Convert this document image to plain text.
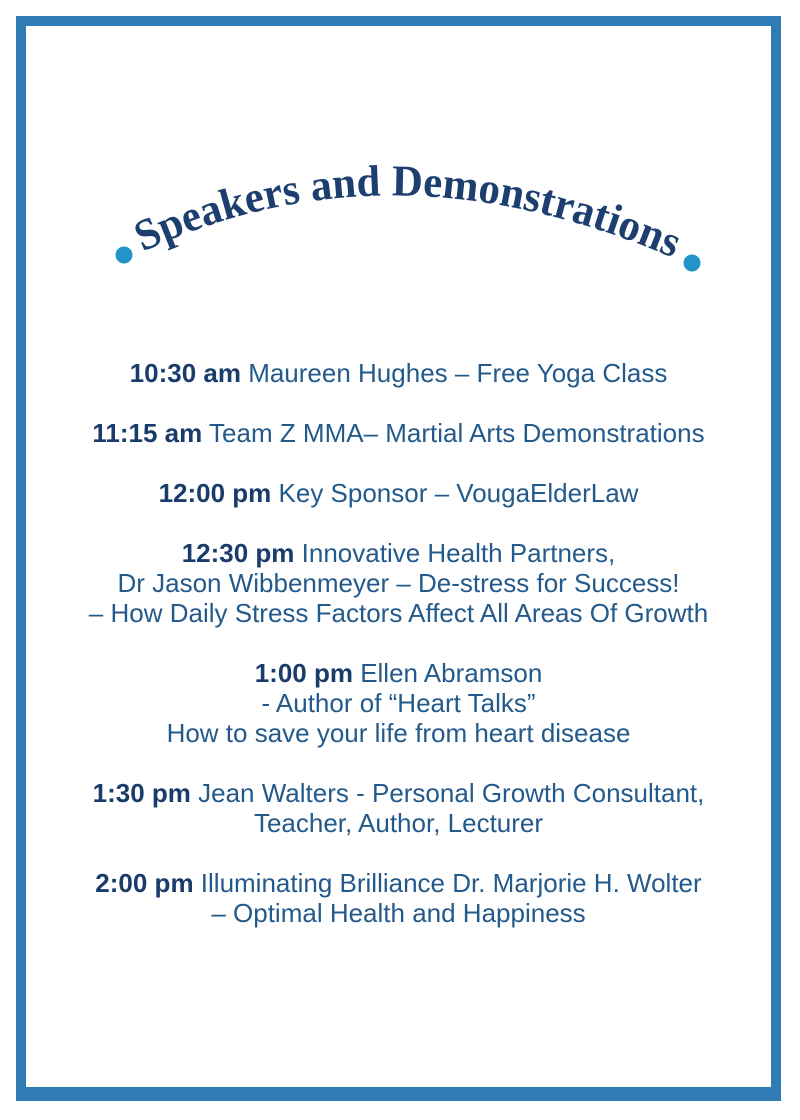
Speakers and Demonstrations

10:30 am Maureen Hughes – Free Yoga Class

11:15 am Team Z MMA– Martial Arts Demonstrations

12:00 pm Key Sponsor – VougaElderLaw

12:30 pm Innovative Health Partners,
Dr Jason Wibbenmeyer – De-stress for Success!
– How Daily Stress Factors Affect All Areas Of Growth

1:00 pm Ellen Abramson
- Author of “Heart Talks”
How to save your life from heart disease

1:30 pm Jean Walters - Personal Growth Consultant,
Teacher, Author, Lecturer

2:00 pm Illuminating Brilliance Dr. Marjorie H. Wolter
– Optimal Health and Happiness
